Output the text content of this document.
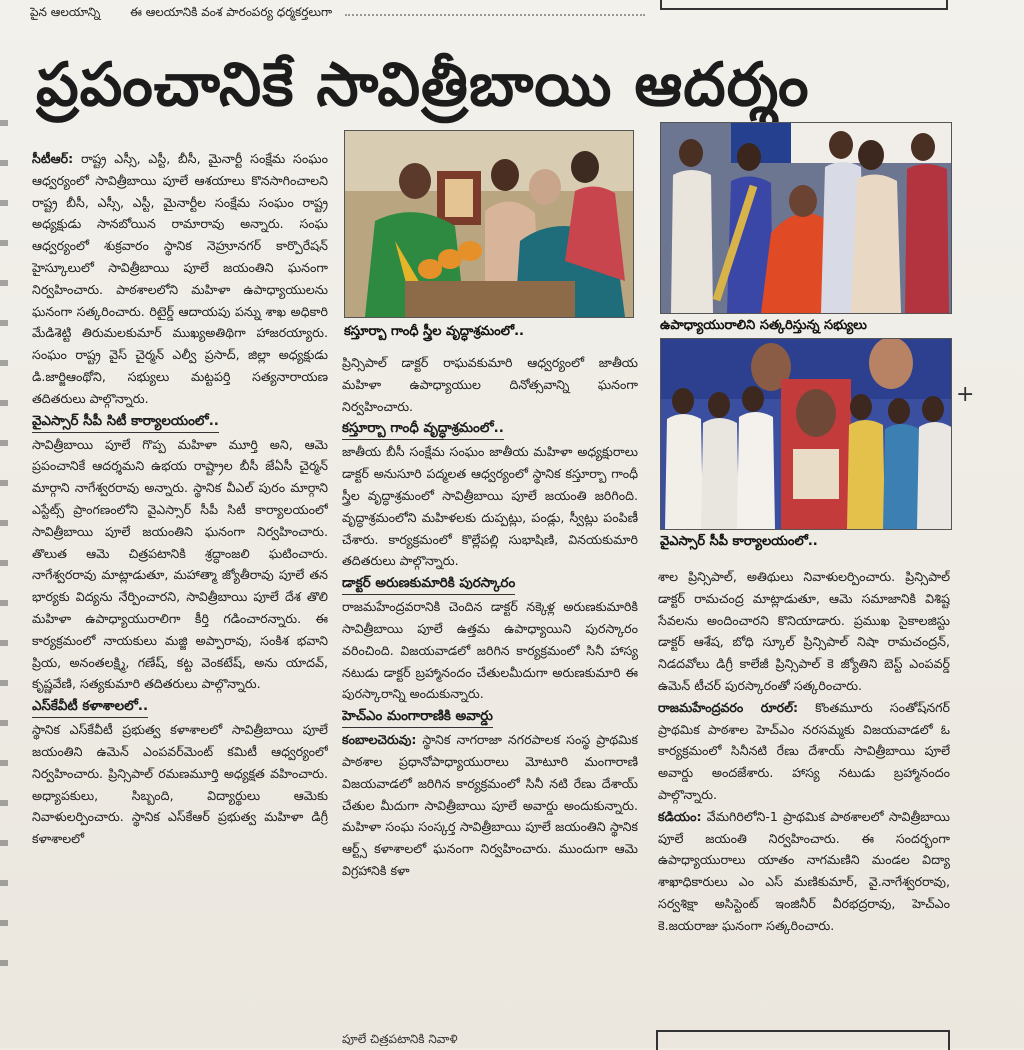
పైన ఆలయాన్ని ఈ ఆలయానికి వంశ పారంపర్య ధర్మకర్తలుగా
ప్రపంచానికే సావిత్రీబాయి ఆదర్శం

సీటీఆర్‌: రాష్ట్ర ఎస్సీ, ఎస్టీ, బీసీ, మైనార్టీ సంక్షేమ సంఘం ఆధ్వర్యంలో సావిత్రీబాయి పూలే ఆశయాలు కొనసాగించాలని రాష్ట్ర బీసీ, ఎస్సీ, ఎస్టీ, మైనార్టీల సంక్షేమ సంఘం రాష్ట్ర అధ్యక్షుడు సానబోయిన రామారావు అన్నారు. సంఘ ఆధ్వర్యంలో శుక్రవారం స్థానిక నెహ్రూనగర్‌ కార్పొరేషన్‌ హైస్కూలులో సావిత్రీబాయి పూలే జయంతిని ఘనంగా నిర్వహించారు. పాఠశాలలోని మహిళా ఉపాధ్యాయులను ఘనంగా సత్కరించారు. రిటైర్డ్‌ ఆదాయపు పన్ను శాఖ అధికారి మేడిశెట్టి తిరుమలకుమార్‌ ముఖ్యఅతిథిగా హాజరయ్యారు. సంఘం రాష్ట్ర వైస్‌ చైర్మన్‌ ఎల్వీ ప్రసాద్‌, జిల్లా అధ్యక్షుడు డి.జార్జిఆంథోని, సభ్యులు మట్టపర్తి సత్యనారాయణ తదితరులు పాల్గొన్నారు.

వైఎస్సార్‌ సీపీ సిటీ కార్యాలయంలో..

సావిత్రీబాయి పూలే గొప్ప మహిళా మూర్తి అని, ఆమె ప్రపంచానికే ఆదర్శమని ఉభయ రాష్ట్రాల బీసీ జేఏసీ చైర్మన్‌ మార్గాని నాగేశ్వరరావు అన్నారు. స్థానిక వీఎల్‌ పురం మార్గాని ఎస్టేట్స్‌ ప్రాంగణంలోని వైఎస్సార్‌ సీపీ సిటీ కార్యాలయంలో సావిత్రీబాయి పూలే జయంతిని ఘనంగా నిర్వహించారు. తొలుత ఆమె చిత్రపటానికి శ్రద్ధాంజలి ఘటించారు. నాగేశ్వరరావు మాట్లాడుతూ, మహాత్మా జ్యోతీరావు పూలే తన భార్యకు విద్యను నేర్పించారని, సావిత్రీబాయి పూలే దేశ తొలి మహిళా ఉపాధ్యాయురాలిగా కీర్తి గడించారన్నారు. ఈ కార్యక్రమంలో నాయకులు మజ్జి అప్పారావు, సంకిశ భవాని ప్రియ, అనంతలక్ష్మి, గణేష్‌, కట్ట వెంకటేష్‌, అను యాదవ్‌, కృష్ణవేణి, సత్యకుమారి తదితరులు పాల్గొన్నారు.

ఎస్‌కేవీటీ కళాశాలలో..

స్థానిక ఎస్‌కేవీటీ ప్రభుత్వ కళాశాలలో సావిత్రీబాయి పూలే జయంతిని ఉమెన్‌ ఎంపవర్‌మెంట్‌ కమిటీ ఆధ్వర్యంలో నిర్వహించారు. ప్రిన్సిపాల్‌ రమణమూర్తి అధ్యక్షత వహించారు. అధ్యాపకులు, సిబ్బంది, విద్యార్థులు ఆమెకు నివాళులర్పించారు. స్థానిక ఎస్‌కేఆర్‌ ప్రభుత్వ మహిళా డిగ్రీ కళాశాలలో

కస్తూర్బా గాంధీ స్త్రీల వృద్ధాశ్రమంలో..

ప్రిన్సిపాల్‌ డాక్టర్‌ రాఘవకుమారి ఆధ్వర్యంలో జాతీయ మహిళా ఉపాధ్యాయుల దినోత్సవాన్ని ఘనంగా నిర్వహించారు.

కస్తూర్బా గాంధీ వృద్ధాశ్రమంలో..

జాతీయ బీసీ సంక్షేమ సంఘం జాతీయ మహిళా అధ్యక్షురాలు డాక్టర్‌ అనుసూరి పద్మలత ఆధ్వర్యంలో స్థానిక కస్తూర్బా గాంధీ స్త్రీల వృద్ధాశ్రమంలో సావిత్రీబాయి పూలే జయంతి జరిగింది. వృద్ధాశ్రమంలోని మహిళలకు దుప్పట్లు, పండ్లు, స్వీట్లు పంపిణీ చేశారు. కార్యక్రమంలో కొల్లేపల్లి సుభాషిణి, వినయకుమారి తదితరులు పాల్గొన్నారు.

డాక్టర్‌ అరుణకుమారికి పురస్కారం

రాజమహేంద్రవరానికి చెందిన డాక్టర్‌ నక్కెళ్ల అరుణకుమారికి సావిత్రీబాయి పూలే ఉత్తమ ఉపాధ్యాయిని పురస్కారం వరించింది. విజయవాడలో జరిగిన కార్యక్రమంలో సినీ హాస్య నటుడు డాక్టర్‌ బ్రహ్మానందం చేతులమీదుగా అరుణకుమారి ఈ పురస్కారాన్ని అందుకున్నారు.

హెచ్‌ఎం మంగారాణికి అవార్డు

కంబాలచెరువు: స్థానిక నాగరాజా నగరపాలక సంస్థ ప్రాథమిక పాఠశాల ప్రధానోపాధ్యాయురాలు మోటూరి మంగారాణి విజయవాడలో జరిగిన కార్యక్రమంలో సినీ నటి రేణు దేశాయ్‌ చేతుల మీదుగా సావిత్రీబాయి పూలే అవార్డు అందుకున్నారు. మహిళా సంఘ సంస్కర్త సావిత్రీబాయి పూలే జయంతిని స్థానిక ఆర్ట్స్‌ కళాశాలలో ఘనంగా నిర్వహించారు. ముందుగా ఆమె విగ్రహానికి కళా

ఉపాధ్యాయురాలిని సత్కరిస్తున్న సభ్యులు
వైఎస్సార్‌ సీపీ కార్యాలయంలో..
+

శాల ప్రిన్సిపాల్‌, అతిథులు నివాళులర్పించారు. ప్రిన్సిపాల్‌ డాక్టర్‌ రామచంద్ర మాట్లాడుతూ, ఆమె సమాజానికి విశిష్ట సేవలను అందించారని కొనియాడారు. ప్రముఖ సైకాలజిస్టు డాక్టర్‌ ఆశేష, బోధి స్కూల్‌ ప్రిన్సిపాల్‌ నిషా రామచంద్రన్‌, నిడదవోలు డిగ్రీ కాలేజీ ప్రిన్సిపాల్‌ కె జ్యోతిని బెస్ట్‌ ఎంపవర్డ్‌ ఉమెన్‌ టీచర్‌ పురస్కారంతో సత్కరించారు.

రాజమహేంద్రవరం రూరల్‌: కొంతమూరు సంతోష్‌నగర్‌ ప్రాథమిక పాఠశాల హెచ్‌ఎం నరసమ్మకు విజయవాడలో ఓ కార్యక్రమంలో సినీనటి రేణు దేశాయ్‌ సావిత్రీబాయి పూలే అవార్డు అందజేశారు. హాస్య నటుడు బ్రహ్మానందం పాల్గొన్నారు.

కడియం: వేమగిరిలోని-1 ప్రాథమిక పాఠశాలలో సావిత్రీబాయి పూలే జయంతి నిర్వహించారు. ఈ సందర్భంగా ఉపాధ్యాయురాలు యాతం నాగమణిని మండల విద్యా శాఖాధికారులు ఎం ఎస్‌ మణికుమార్‌, వై.నాగేశ్వరరావు, సర్వశిక్షా అసిస్టెంట్‌ ఇంజినీర్‌ వీరభద్రరావు, హెచ్‌ఎం కె.జయరాజు ఘనంగా సత్కరించారు.

పూలే చిత్రపటానికి నివాళి
